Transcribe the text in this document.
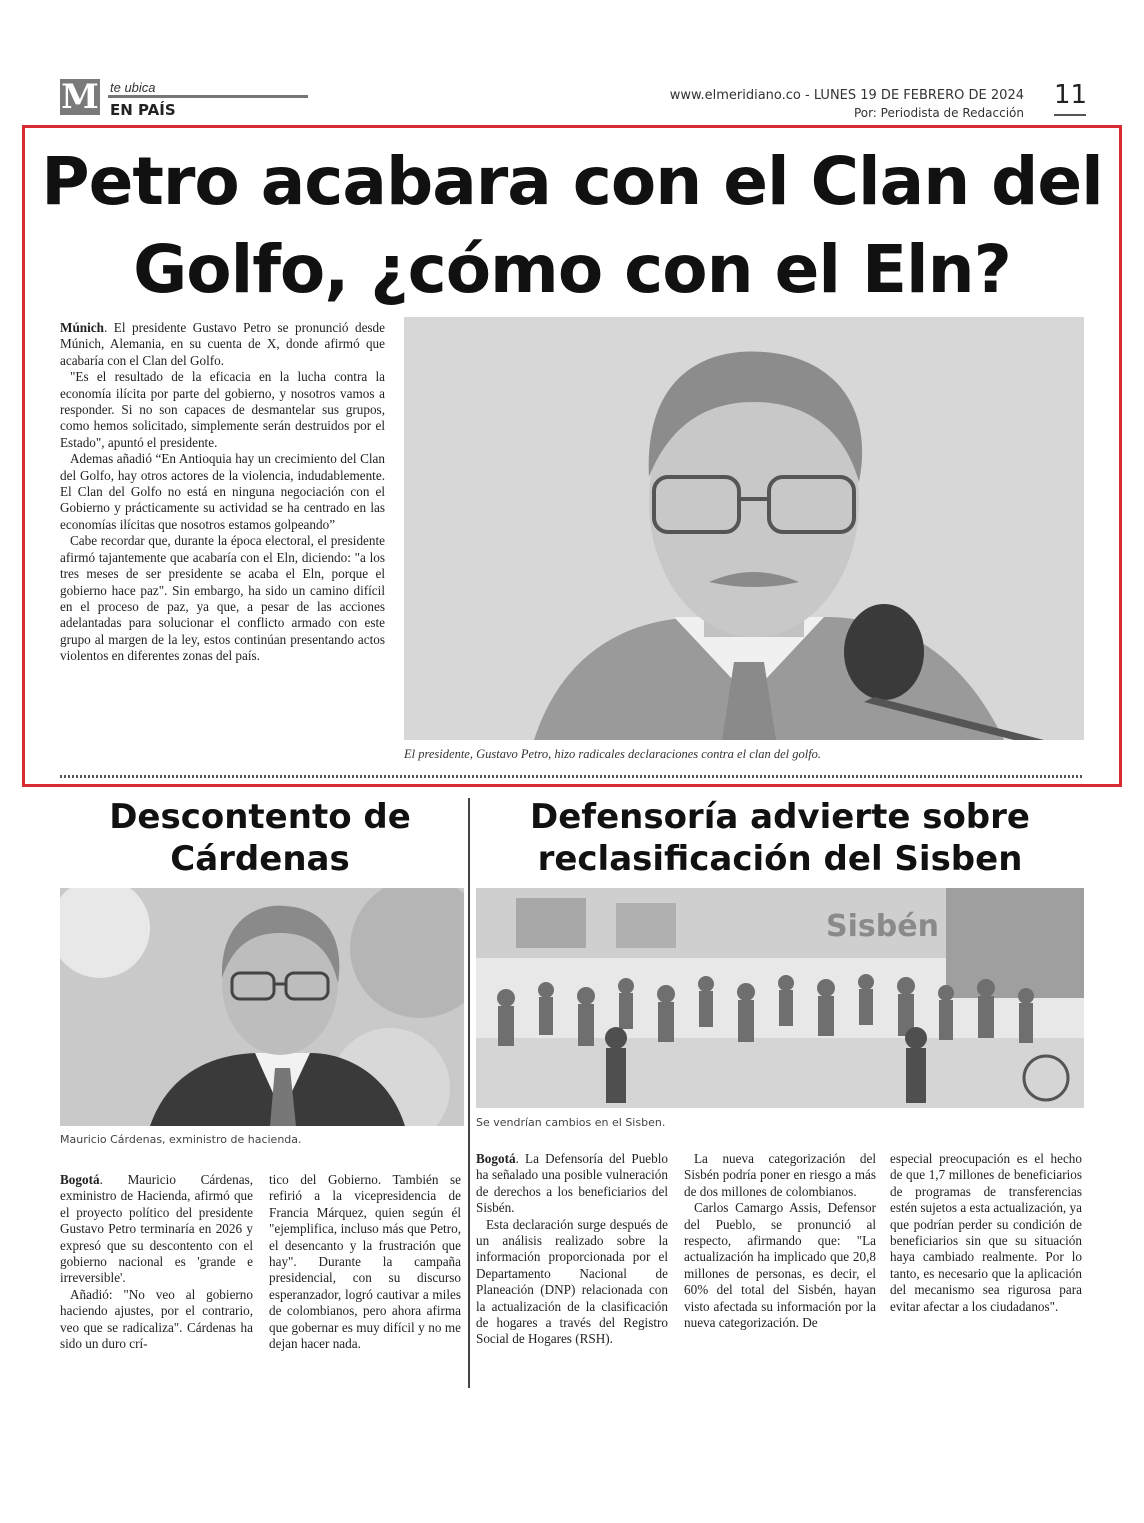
M te ubica
EN PAÍS
www.elmeridiano.co - LUNES 19 DE FEBRERO DE 2024
Por: Periodista de Redacción
11
Petro acabara con el Clan del Golfo, ¿cómo con el Eln?

Múnich. El presidente Gustavo Petro se pronunció desde Múnich, Alemania, en su cuenta de X, donde afirmó que acabaría con el Clan del Golfo.

"Es el resultado de la eficacia en la lucha contra la economía ilícita por parte del gobierno, y nosotros vamos a responder. Si no son capaces de desmantelar sus grupos, como hemos solicitado, simplemente serán destruidos por el Estado", apuntó el presidente.

Ademas añadió “En Antioquia hay un crecimiento del Clan del Golfo, hay otros actores de la violencia, indudablemente. El Clan del Golfo no está en ninguna negociación con el Gobierno y prácticamente su actividad se ha centrado en las economías ilícitas que nosotros estamos golpeando”

Cabe recordar que, durante la época electoral, el presidente afirmó tajantemente que acabaría con el Eln, diciendo: "a los tres meses de ser presidente se acaba el Eln, porque el gobierno hace paz". Sin embargo, ha sido un camino difícil en el proceso de paz, ya que, a pesar de las acciones adelantadas para solucionar el conflicto armado con este grupo al margen de la ley, estos continúan presentando actos violentos en diferentes zonas del país.

El presidente, Gustavo Petro, hizo radicales declaraciones contra el clan del golfo.
Descontento de Cárdenas
Mauricio Cárdenas, exministro de hacienda.

Bogotá. Mauricio Cárdenas, exministro de Hacienda, afirmó que el proyecto político del presidente Gustavo Petro terminaría en 2026 y expresó que su descontento con el gobierno nacional es 'grande e irreversible'.

Añadió: "No veo al gobierno haciendo ajustes, por el contrario, veo que se radicaliza". Cárdenas ha sido un duro crí-

tico del Gobierno. También se refirió a la vicepresidencia de Francia Márquez, quien según él "ejemplifica, incluso más que Petro, el desencanto y la frustración que hay". Durante la campaña presidencial, con su discurso esperanzador, logró cautivar a miles de colombianos, pero ahora afirma que gobernar es muy difícil y no me dejan hacer nada.

Defensoría advierte sobre reclasificación del Sisben
Sisbén
Se vendrían cambios en el Sisben.

Bogotá. La Defensoría del Pueblo ha señalado una posible vulneración de derechos a los beneficiarios del Sisbén.

Esta declaración surge después de un análisis realizado sobre la información proporcionada por el Departamento Nacional de Planeación (DNP) relacionada con la actualización de la clasificación de hogares a través del Registro Social de Hogares (RSH).

La nueva categorización del Sisbén podría poner en riesgo a más de dos millones de colombianos.

Carlos Camargo Assis, Defensor del Pueblo, se pronunció al respecto, afirmando que: "La actualización ha implicado que 20,8 millones de personas, es decir, el 60% del total del Sisbén, hayan visto afectada su información por la nueva categorización. De

especial preocupación es el hecho de que 1,7 millones de beneficiarios de programas de transferencias estén sujetos a esta actualización, ya que podrían perder su condición de beneficiarios sin que su situación haya cambiado realmente. Por lo tanto, es necesario que la aplicación del mecanismo sea rigurosa para evitar afectar a los ciudadanos".
